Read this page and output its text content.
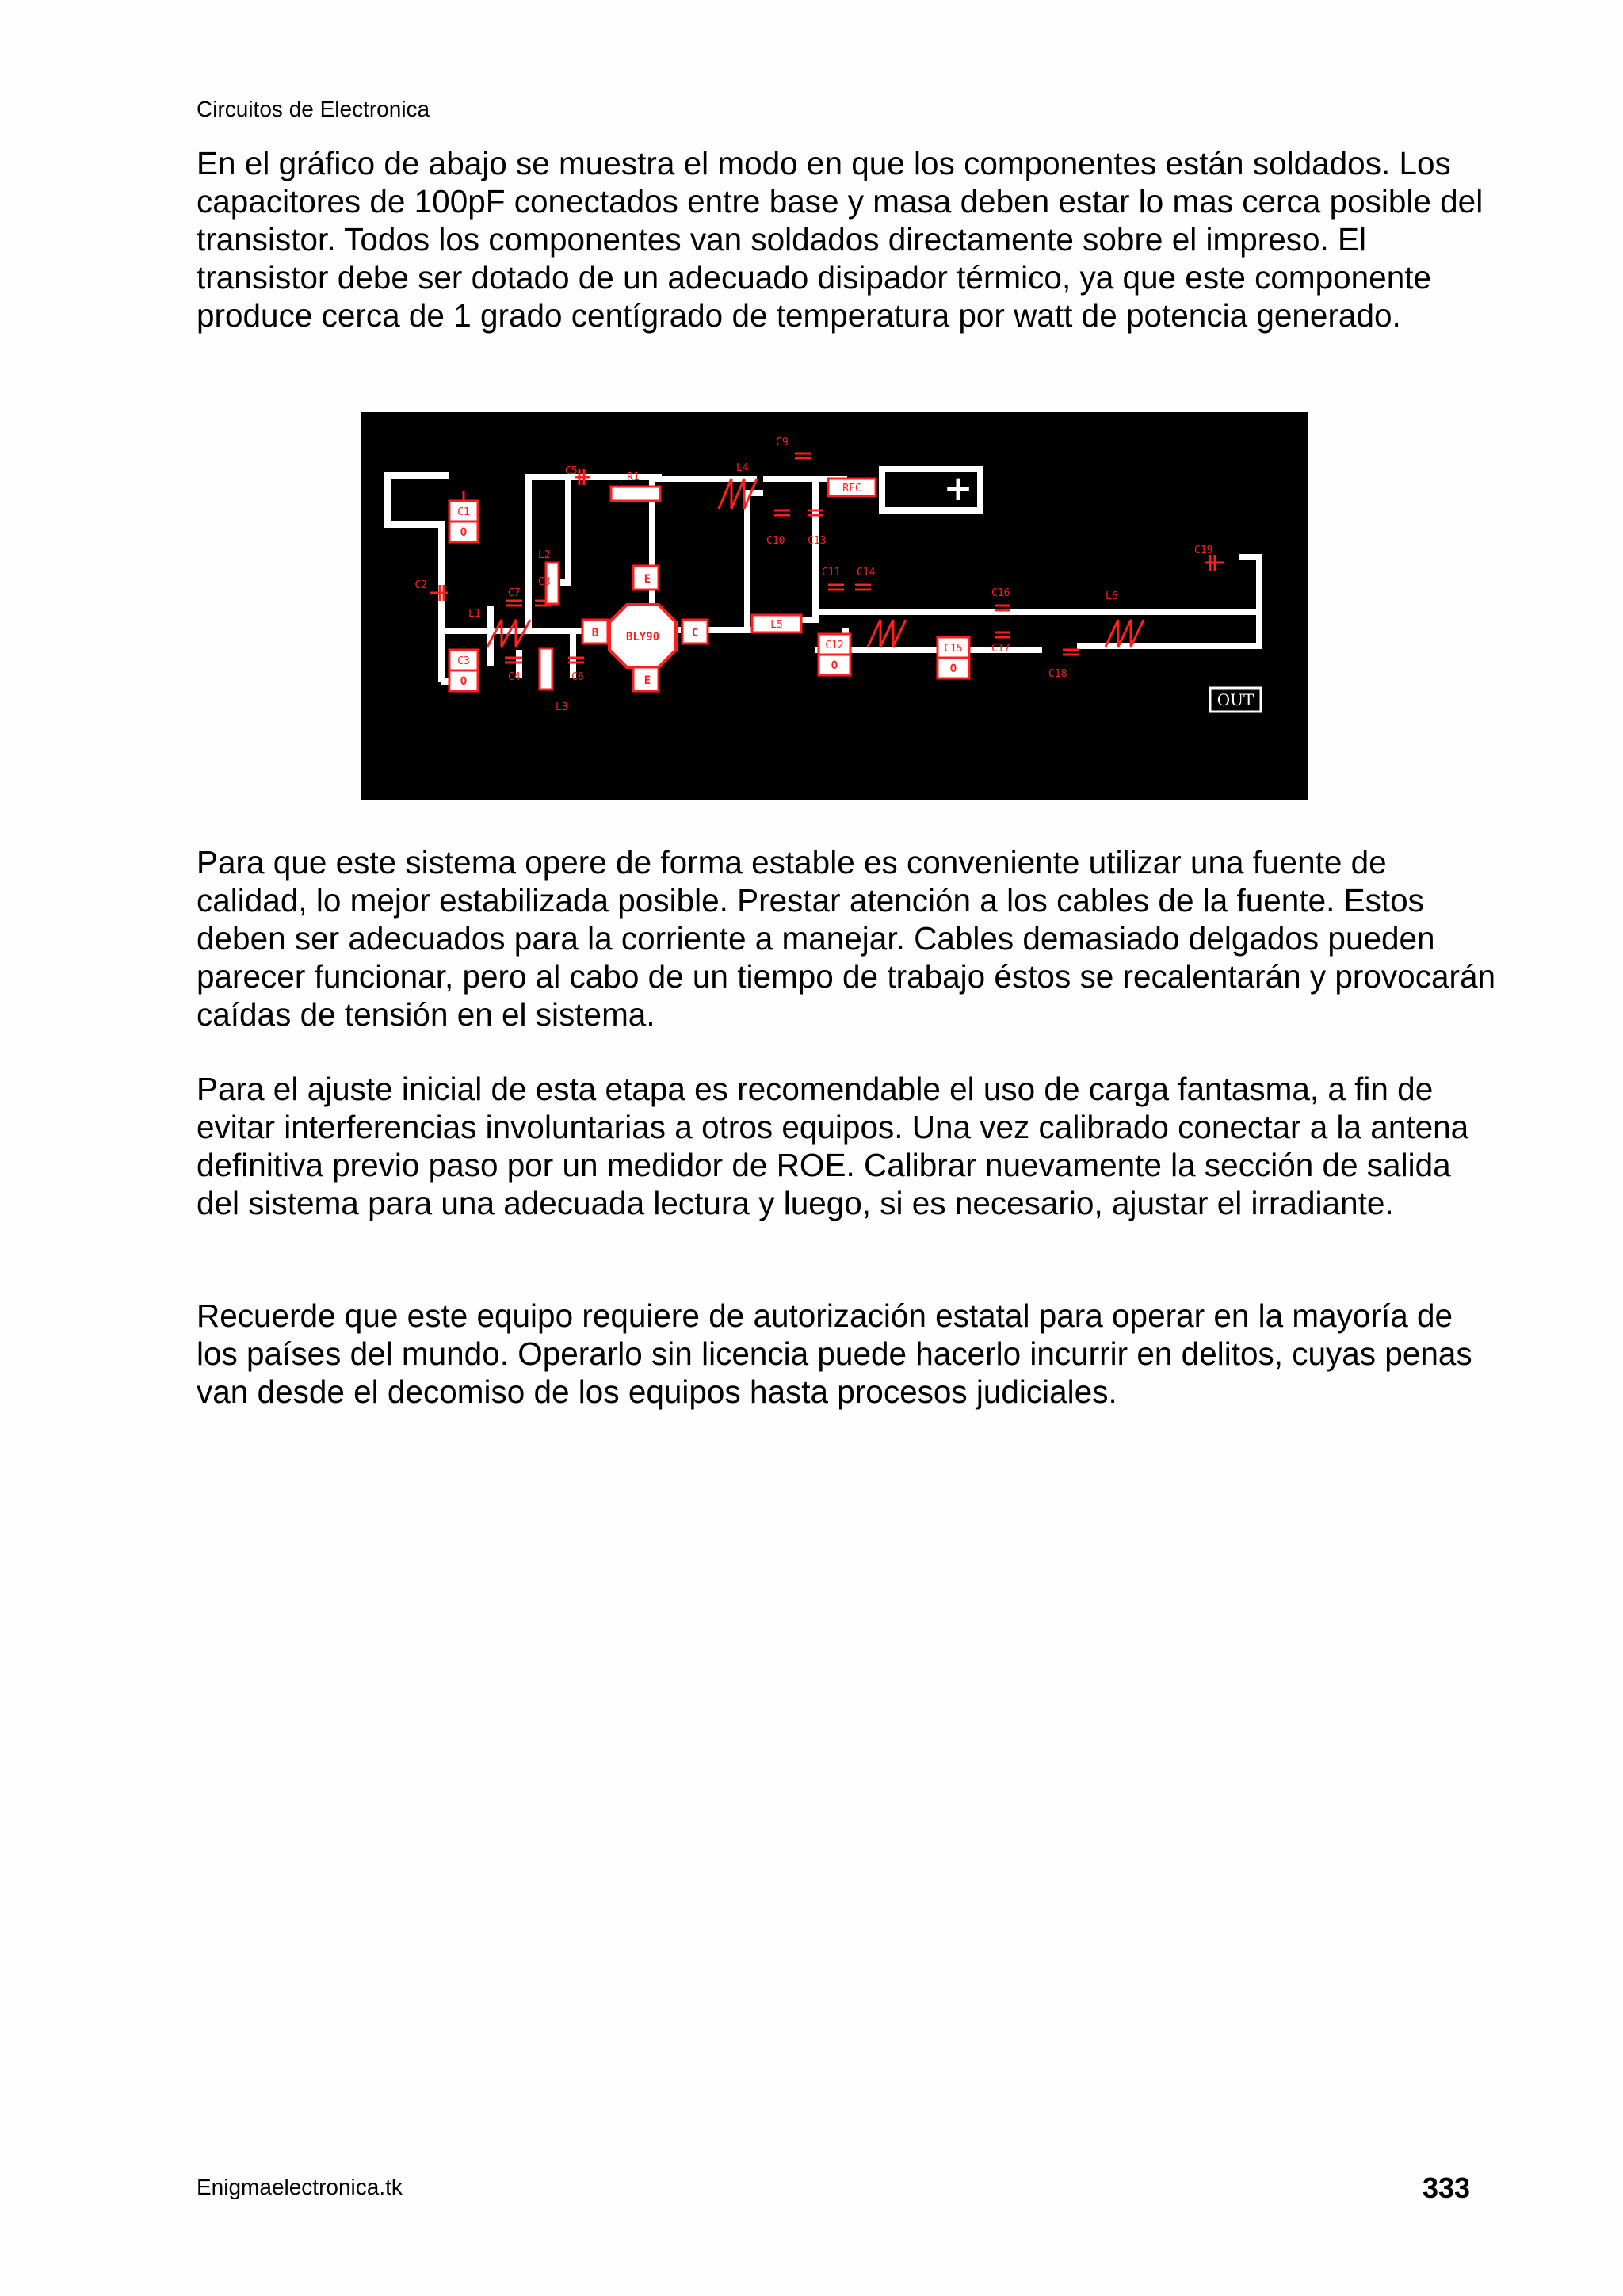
Circuitos de Electronica

En el gráfico de abajo se muestra el modo en que los componentes están soldados. Los capacitores de 100pF conectados entre base y masa deben estar lo mas cerca posible del transistor. Todos los componentes van soldados directamente sobre el impreso. El transistor debe ser dotado de un adecuado disipador térmico, ya que este componente produce cerca de 1 grado centígrado de temperatura por watt de potencia generado.

+
E
E
B	C
BLY90
C1
O
C3
O
C2
C7
C8
L2
L1
C4	C6
L3
C5
R1
L4
C9
C10 C13
RFC
L5
C11 C14
C12
O
C15
O
C16
C17
C18
L6
C19
OUT

Para que este sistema opere de forma estable es conveniente utilizar una fuente de calidad, lo mejor estabilizada posible. Prestar atención a los cables de la fuente. Estos deben ser adecuados para la corriente a manejar. Cables demasiado delgados pueden parecer funcionar, pero al cabo de un tiempo de trabajo éstos se recalentarán y provocarán caídas de tensión en el sistema.

Para el ajuste inicial de esta etapa es recomendable el uso de carga fantasma, a fin de evitar interferencias involuntarias a otros equipos. Una vez calibrado conectar a la antena definitiva previo paso por un medidor de ROE. Calibrar nuevamente la sección de salida del sistema para una adecuada lectura y luego, si es necesario, ajustar el irradiante.

Recuerde que este equipo requiere de autorización estatal para operar en la mayoría de los países del mundo. Operarlo sin licencia puede hacerlo incurrir en delitos, cuyas penas van desde el decomiso de los equipos hasta procesos judiciales.

Enigmaelectronica.tk	333
